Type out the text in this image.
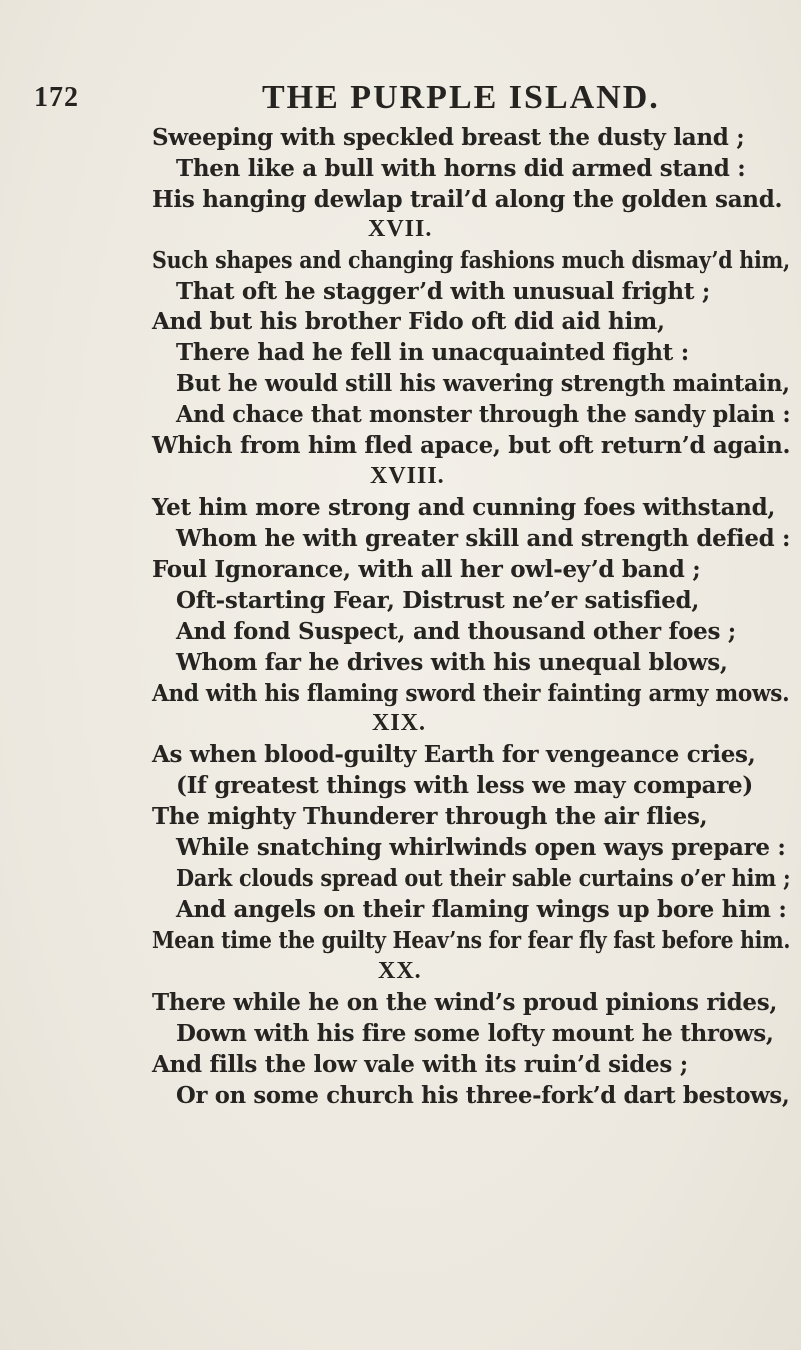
172	THE PURPLE ISLAND.
Sweeping with speckled breast the dusty land ;
Then like a bull with horns did armed stand :
His hanging dewlap trail’d along the golden sand.
XVII.
Such shapes and changing fashions much dismay’d him,
That oft he stagger’d with unusual fright ;
And but his brother Fido oft did aid him,
There had he fell in unacquainted fight :
But he would still his wavering strength maintain,
And chace that monster through the sandy plain :
Which from him fled apace, but oft return’d again.
XVIII.
Yet him more strong and cunning foes withstand,
Whom he with greater skill and strength defied :
Foul Ignorance, with all her owl-ey’d band ;
Oft-starting Fear, Distrust ne’er satisfied,
And fond Suspect, and thousand other foes ;
Whom far he drives with his unequal blows,
And with his flaming sword their fainting army mows.
XIX.
As when blood-guilty Earth for vengeance cries,
(If greatest things with less we may compare)
The mighty Thunderer through the air flies,
While snatching whirlwinds open ways prepare :
Dark clouds spread out their sable curtains o’er him ;
And angels on their flaming wings up bore him :
Mean time the guilty Heav’ns for fear fly fast before him.
XX.
There while he on the wind’s proud pinions rides,
Down with his fire some lofty mount he throws,
And fills the low vale with its ruin’d sides ;
Or on some church his three-fork’d dart bestows,
